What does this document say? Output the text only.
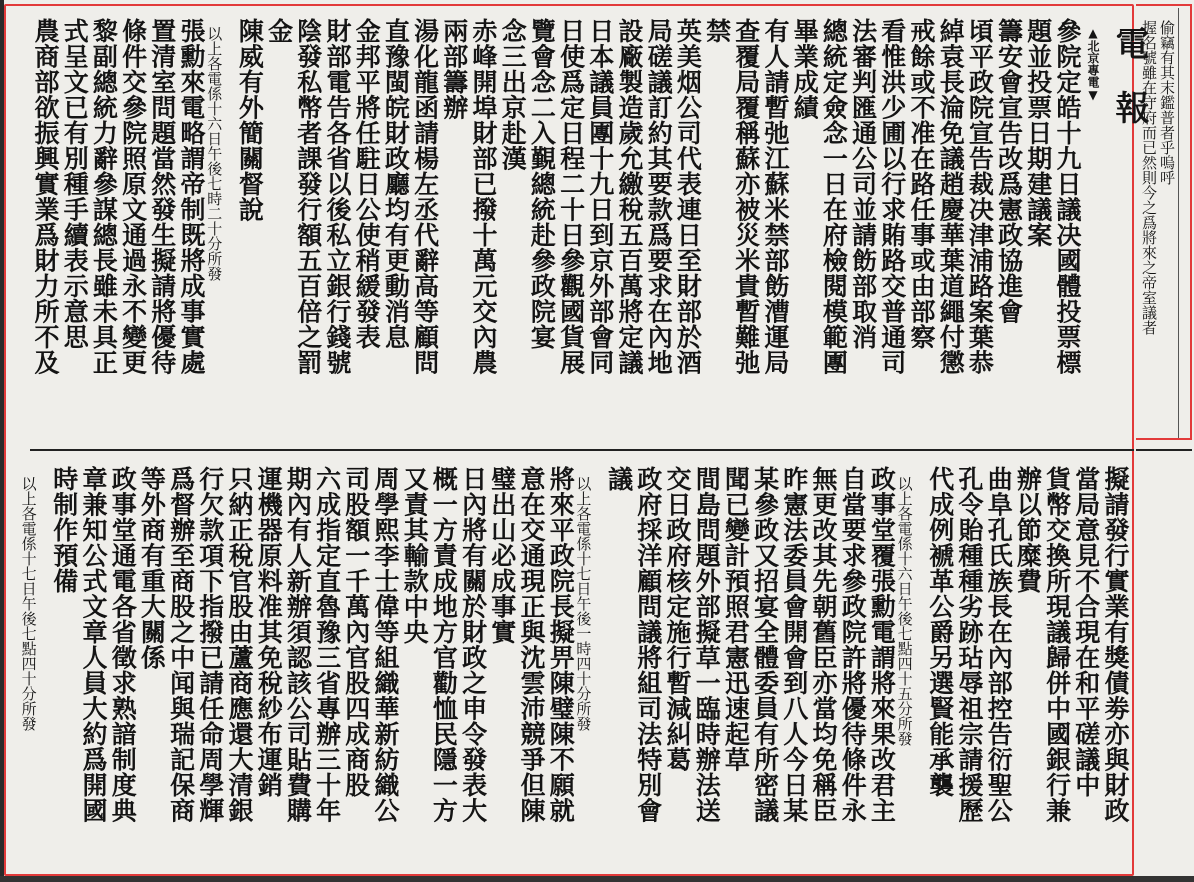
電報
▲北京專電▼	偷竊有其末鑑普者乎嗚呼
握名號雖在守府而已然則今之爲將來之帝室議者
參院定皓十九日議决國體投票標
題並投票日期建議案
籌安會宣告改爲憲政協進會
頃平政院宣告裁决津浦路案葉恭
綽袁長淪免議趙慶華葉道繩付懲
戒餘或不准在路任事或由部察
看惟洪少圃以行求賄路交普通司
法審判匯通公司並請飭部取消
總統定僉念一日在府檢閱模範團
畢業成績
有人請暫弛江蘇米禁部飭漕運局
查覆局覆稱蘇亦被災米貴暫難弛
禁
英美烟公司代表連日至財部於酒
局磋議訂約其要款爲要求在內地
設廠製造歲允繳稅五百萬將定議
日本議員團十九日到京外部會同
日使爲定日程二十日參觀國貨展
覽會念二入覲總統赴參政院宴
念三出京赴漢
赤峰開埠財部已撥十萬元交內農
兩部籌辦
湯化龍函請楊左丞代辭高等顧問
直豫閩皖財政廳均有更動消息
金邦平將任駐日公使稍緩發表
財部電告各省以後私立銀行錢號
陰發私幣者課發行額五百倍之罰
金
陳威有外簡關督說
以上各電係十六日午後七時二十分所發
張勳來電略謂帝制既將成事實處
置清室問題當然發生擬請將優待
條件交參院照原文通過永不變更
黎副總統力辭參謀總長雖未具正
式呈文已有別種手續表示意思
農商部欲振興實業爲財力所不及
擬請發行實業有獎債劵亦與財政
當局意見不合現在和平磋議中
貨幣交換所現議歸併中國銀行兼
辦以節糜費
曲阜孔氏族長在內部控告衍聖公
孔令貽種種劣跡玷辱祖宗請援歷
代成例褫革公爵另選賢能承襲
以上各電係十六日午後七點四十五分所發
政事堂覆張勳電謂將來果改君主
自當要求參政院許將優待條件永
無更改其先朝舊臣亦當均免稱臣
昨憲法委員會開會到八人今日某
某參政又招宴全體委員有所密議
聞已變計預照君憲迅速起草
間島問題外部擬草一臨時辦法送
交日政府核定施行暫減糾葛
政府採洋顧問議將組司法特別會
議
以上各電係十七日午後一時四十分所發
將來平政院長擬畀陳璧陳不願就
意在交通現正與沈雲沛競爭但陳
璧出山必成事實
日內將有關於財政之申令發表大
概一方責成地方官勸恤民隱一方
又責其輸款中央
周學熙李士偉等組織華新紡織公
司股額一千萬內官股四成商股
六成指定直魯豫三省專辦三十年
期內有人新辦須認該公司貼費購
運機器原料准其免稅紗布運銷
只納正稅官股由蘆商應還大清銀
行欠款項下指撥已請任命周學輝
爲督辦至商股之中闻與瑞記保商
等外商有重大關係
政事堂通電各省徵求熟諳制度典
章兼知公式文章人員大約爲開國
時制作預備
以上各電係十七日午後七點四十分所發
